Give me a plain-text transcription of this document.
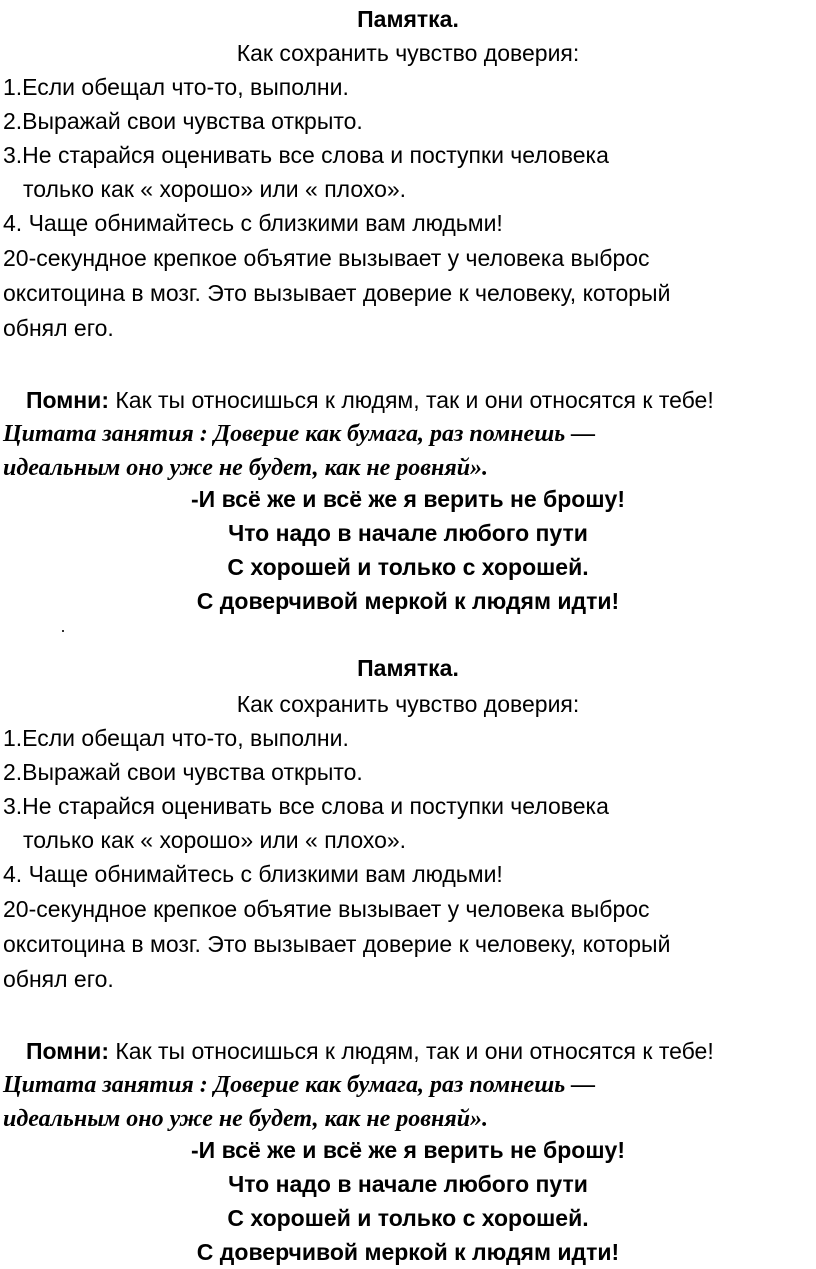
Памятка.
Как сохранить чувство доверия:
1.Если обещал что-то, выполни.
2.Выражай свои чувства открыто.
3.Не старайся оценивать все слова и поступки человека
только как « хорошо» или « плохо».
4. Чаще обнимайтесь с близкими вам людьми!
20-секундное крепкое объятие вызывает у человека выброс
окситоцина в мозг. Это вызывает доверие к человеку, который
обнял его.
Помни: Как ты относишься к людям, так и они относятся к тебе!
Цитата занятия : Доверие как бумага, раз помнешь —
идеальным оно уже не будет, как не ровняй».
-И всё же и всё же я верить не брошу!
Что надо в начале любого пути
С хорошей и только с хорошей.
С доверчивой меркой к людям идти!
Памятка.
Как сохранить чувство доверия:
1.Если обещал что-то, выполни.
2.Выражай свои чувства открыто.
3.Не старайся оценивать все слова и поступки человека
только как « хорошо» или « плохо».
4. Чаще обнимайтесь с близкими вам людьми!
20-секундное крепкое объятие вызывает у человека выброс
окситоцина в мозг. Это вызывает доверие к человеку, который
обнял его.
Помни: Как ты относишься к людям, так и они относятся к тебе!
Цитата занятия : Доверие как бумага, раз помнешь —
идеальным оно уже не будет, как не ровняй».
-И всё же и всё же я верить не брошу!
Что надо в начале любого пути
С хорошей и только с хорошей.
С доверчивой меркой к людям идти!
